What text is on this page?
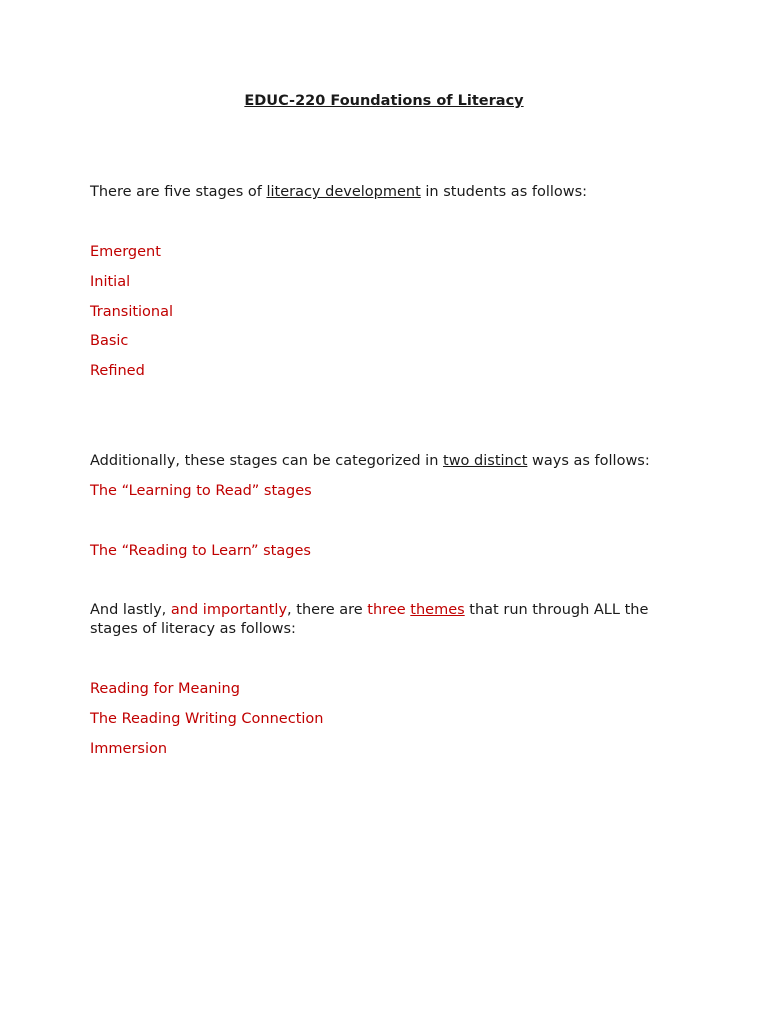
EDUC-220 Foundations of Literacy
There are five stages of literacy development in students as follows:
Emergent
Initial
Transitional
Basic
Refined
Additionally, these stages can be categorized in two distinct ways as follows:
The “Learning to Read” stages
The “Reading to Learn” stages
And lastly, and importantly, there are three themes that run through ALL the stages of literacy as follows:
Reading for Meaning
The Reading Writing Connection
Immersion
